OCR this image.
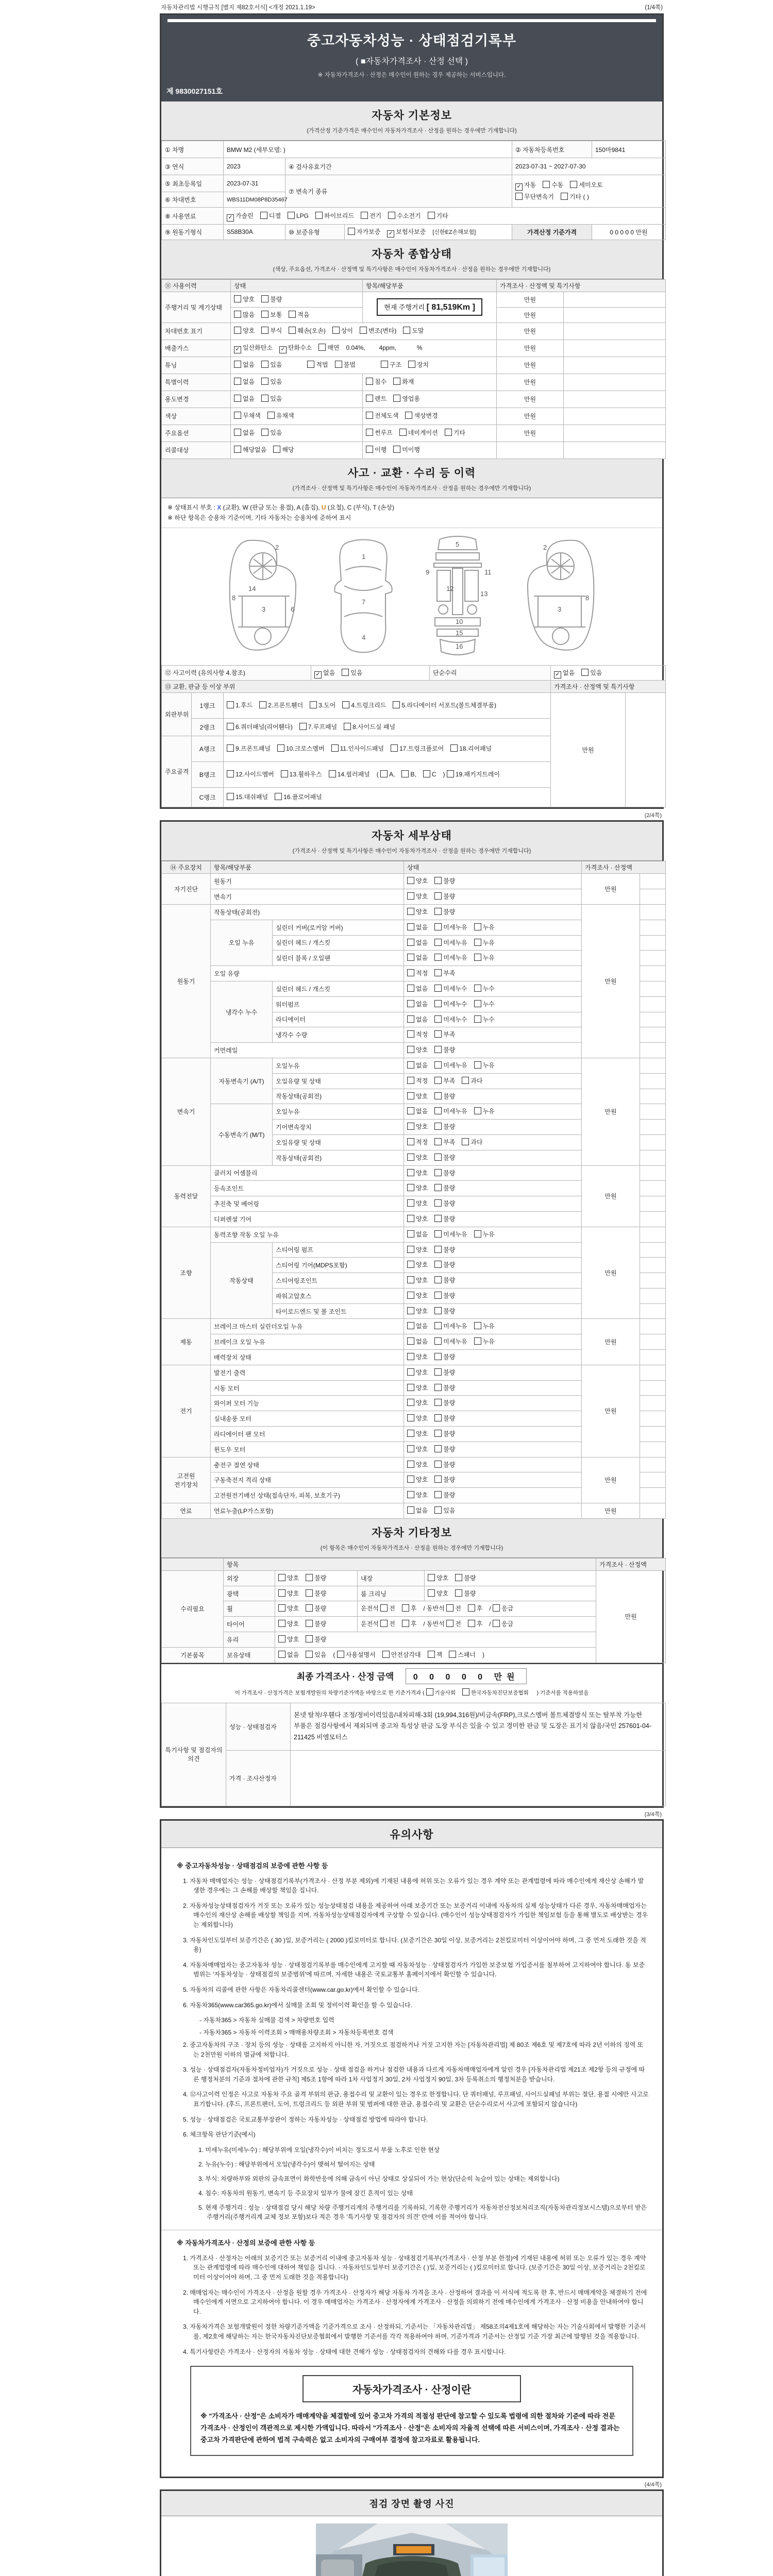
자동차관리법 시행규칙 [별지 제82호서식] <개정 2021.1.19>	(1/4쪽)
중고자동차성능 · 상태점검기록부
( ■자동차가격조사 · 산정 선택 )
※ 자동차가격조사 · 산정은 매수인이 원하는 경우 제공하는 서비스입니다.
제 9830027151호
자동차 기본정보
(가격산정 기준가격은 매수인이 자동차가격조사 · 산정을 원하는 경우에만 기재합니다)
① 차명	BMW M2 (세부모델: )			② 자동차등록번호	150마9841
③ 연식	2023	④ 검사유효기간		2023-07-31 ~ 2027-07-30	
⑤ 최초등록일	2023-07-31	⑦ 변속기 종류	
✓자동 수동 세미오토
무단변속기 기타 ( )

⑥ 차대번호	WBS11DM08P8D35467				
⑧ 사용연료	✓가솔린 디젤 LPG 하이브리드 전기 수소전기 기타
⑨ 원동기형식	S58B30A	⑩ 보증유형	자가보증 ✓ 보험사보증 [신한EZ손해보험]	가격산정 기준가격	0 0 0 0 0 만원
자동차 종합상태
(색상, 주요옵션, 가격조사 · 산정액 및 특기사항은 매수인이 자동차가격조사 · 산정을 원하는 경우에만 기재합니다)
⑪ 사용이력	상태	항목/해당부품	가격조사 · 산정액 및 특기사항	
주행거리 및 계기상태	양호 불량	현재 주행거리 [ 81,519Km ]	만원	
	많음 보통 적음		만원	
차대번호 표기	양호 부식 훼손(오손) 상이 변조(변타) 도말		만원	
배출가스	✓일산화탄소 ✓ 탄화수소 매연 0.04%,        4ppm,            %		만원	
튜닝	없음 있음 적법 불법 구조 장치		만원	
특별이력	없음 있음	침수 화재	만원	
용도변경	없음 있음	렌트 영업용	만원	
색상	무채색 유채색	전체도색 색상변경	만원	
주요옵션	없음 있음	썬루프 네비게이션 기타	만원	
리콜대상	해당없음 해당	이행 미이행		
사고 · 교환 · 수리 등 이력
(가격조사 · 산정액 및 특기사항은 매수인이 자동차가격조사 · 산정을 원하는 경우에만 기재합니다)
※ 상태표시 부호 : X (교환), W (판금 또는 용접), A (흠집), U (요철), C (부식), T (손상)
※ 하단 항목은 승용차 기준이며, 기타 자동차는 승용차에 준하여 표시
2
8
3	6
14
1
7
4
5
9	11
12
13
10
15
16
2
3
8
⑫ 사고이력 (유의사항 4.참조)	✓없음	있음	단순수리	✓없음	있음
⑬ 교환, 판금 등 이상 부위			가격조사 · 산정액 및 특기사항	
외판부위	1랭크	1.후드 2.프론트휀더 3.도어 4.트렁크리드 5.라디에이터 서포트(볼트체결부품)	만원	
	2랭크	6.쿼더패널(리어휀다) 7.루프패널 8.사이드실 패널		
주요골격	A랭크	9.프론트패널 10.크로스멤버 11.인사이드패널 17.트렁크플로어 18.리어패널		
	B랭크	12.사이드멤버 13.휠하우스 14.필러패널 ( A, B, C ) 19.패키지트레이		
	C랭크	15.대쉬패널 16.플로어패널		
(2/4쪽)
자동차 세부상태
(가격조사 · 산정액 및 특기사항은 매수인이 자동차가격조사 · 산정을 원하는 경우에만 기재합니다)
⑭ 주요장치	항목/해당부품		상태	가격조사 · 산정액	
자기진단	원동기		양호 불량	만원	
	변속기		양호 불량		
원동기	작동상태(공회전)		양호 불량	만원	
	오일 누유	실린더 커버(로커암 커버)	없음 미세누유 누유		
		실린더 헤드 / 개스킷	없음 미세누유 누유		
		실린더 블록 / 오일팬	없음 미세누유 누유		
	오일 유량		적정 부족		
	냉각수 누수	실린더 헤드 / 개스킷	없음 미세누수 누수		
		워터펌프	없음 미세누수 누수		
		라디에이터	없음 미세누수 누수		
		냉각수 수량	적정 부족		
	커먼레일		양호 불량		
변속기	자동변속기 (A/T)	오일누유	없음 미세누유 누유	만원	
		오일유량 및 상태	적정 부족 과다		
		작동상태(공회전)	양호 불량		
	수동변속기 (M/T)	오일누유	없음 미세누유 누유		
		기어변속장치	양호 불량		
		오일유량 및 상태	적정 부족 과다		
		작동상태(공회전)	양호 불량		
동력전달	클러치 어셈블리		양호 불량	만원	
	등속조인트		양호 불량		
	추진축 및 베어링		양호 불량		
	디퍼렌셜 기어		양호 불량		
조향	동력조향 작동 오일 누유		없음 미세누유 누유	만원	
	작동상태	스티어링 펌프	양호 불량		
		스티어링 기어(MDPS포함)	양호 불량		
		스티어링조인트	양호 불량		
		파워고압호스	양호 불량		
		타이로드엔드 및 볼 조인트	양호 불량		
제동	브레이크 마스터 실린더오일 누유		없음 미세누유 누유	만원	
	브레이크 오일 누유		없음 미세누유 누유		
	배력장치 상태		양호 불량		
전기	발전기 출력		양호 불량	만원	
	시동 모터		양호 불량		
	와이퍼 모터 기능		양호 불량		
	실내송풍 모터		양호 불량		
	라디에이터 팬 모터		양호 불량		
	윈도우 모터		양호 불량		
고전원 전기장치	충전구 절연 상태		양호 불량	만원	
	구동축전지 격리 상태		양호 불량		
	고전원전기배선 상태(접속단자, 피복, 보호기구)		양호 불량		
연료	연료누출(LP가스포함)		없음 있음	만원	
자동차 기타정보
(이 항목은 매수인이 자동차가격조사 · 산정을 원하는 경우에만 기재합니다)
	항목				가격조사 · 산정액
수리필요	외장	양호 불량	내장	양호 불량	만원
	광택	양호 불량	룸 크리닝	양호 불량	
	휠	양호 불량	운전석 전 후 / 동반석 전 후 / 응급		
	타이어	양호 불량	운전석 전 후 / 동반석 전 후 / 응급		
	유리	양호 불량			
기본품목	보유상태	없음 있음 ( 사용설명서 안전삼각대 잭 스패너 )			
최종 가격조사 · 산정 금액 0 0 0 0 0 만원
이 가격조사 · 산정가격은 보험개발원의 차량기준가액을 바탕으로 한 기준가격과 ( 기술사회	한국자동차진단보증협회 ) 기준서를 적용하였음
특기사항 및 점검자의 의견	성능 · 상태점검자	본넷 탈착/우휀다 조정/정비이력있음/내차피해-3회 (19,994,316원)/비금속(FRP),크로스멤버 볼트체결방식 또는 탈부착 가능한 부품은 점검사항에서 제외되며 중고차 특성상 판금 도장 부식은 있을 수 있고 경미한 판금 및 도장은 표기치 않음/국민 257601-04-211425 비엠모터스
	가격 · 조사산정자	
(3/4쪽)
유의사항
※ 중고자동차성능 · 상태점검의 보증에 관한 사항 등
1. 자동차 매매업자는 성능 · 상태점검기록부(가격조사 · 산정 부분 제외)에 기재된 내용에 허위 또는 오류가 있는 경우 계약 또는 관계법령에 따라 매수인에게 재산상 손해가 발생한 경우에는 그 손해를 배상할 책임을 집니다.
2. 자동차성능상태점검자가 거짓 또는 오류가 있는 성능상태점검 내용을 제공하여 아래 보증기간 또는 보증거리 이내에 자동차의 실제 성능상태가 다른 경우, 자동차매매업자는 매수인의 재산상 손해를 배상할 책임을 지며, 자동차성능상태점검자에게 구상할 수 있습니다. (매수인이 성능상태점검자가 가입한 책임보험 등을 통해 별도로 배상받는 경우는 제외합니다)
3. 자동차인도일부터 보증기간은 ( 30 )일, 보증거리는 ( 2000 )킬로미터로 합니다. (보증기간은 30일 이상, 보증거리는 2천킬로미터 이상이어야 하며, 그 중 먼저 도래한 것을 적용)
4. 자동차매매업자는 중고자동차 성능 · 상태점검기록부를 매수인에게 고지할 때 자동차성능 · 상태점검자가 가입한 보증보험 가입증서를 첨부하여 고지하여야 합니다. 동 보증범위는 '자동차성능 · 상태점검의 보증범위'에 따르며, 자세한 내용은 국토교통부 홈페이지에서 확인할 수 있습니다.
5. 자동차의 리콜에 관한 사항은 자동차리콜센터(www.car.go.kr)에서 확인할 수 있습니다.
6. 자동차365(www.car365.go.kr)에서 실매물 조회 및 정비이력 확인을 할 수 있습니다.
- 자동차365 > 자동차 실매물 검색 > 차량번호 입력
- 자동차365 > 자동차 이력조회 > 매매용차량조회 > 자동차등록번호 검색
2. 중고자동차의 구조 · 장치 등의 성능 · 상태를 고지하지 아니한 자, 거짓으로 점검하거나 거짓 고지한 자는 [자동차관리법] 제 80조 제6호 및 제7호에 따라 2년 이하의 징역 또는 2천만원 이하의 벌금에 처합니다.
3. 성능 · 상태점검자(자동차정비업자)가 거짓으로 성능 · 상태 점검을 하거나 점검한 내용과 다르게 자동차매매업자에게 알린 경우 [자동차관리법 제21조 제2항 등의 규정에 따른 행정처분의 기준과 절차에 관한 규칙] 제5조 1항에 따라 1차 사업정지 30일, 2차 사업정지 90일, 3차 등록취소의 행정처분을 받습니다.
4. ⑫사고이력 인정은 사고로 자동차 주요 골격 부위의 판금, 용접수리 및 교환이 있는 경우로 한정합니다. 단 쿼터패널, 루프패널, 사이드실패널 부위는 절단, 용접 시에만 사고로 표기합니다. (후드, 프론트펜더, 도어, 트렁크리드 등 외판 부위 및 범퍼에 대한 판금, 용접수리 및 교환은 단순수리로서 사고에 포함되지 않습니다)
5. 성능 · 상태점검은 국토교통부장관이 정하는 자동차성능 · 상태점검 방법에 따라야 합니다.
6. 체크항목 판단기준(예시)
1. 미세누유(미세누수) : 해당부위에 오일(냉각수)이 비치는 정도로서 부품 노후로 인한 현상
2. 누유(누수) : 해당부위에서 오일(냉각수)이 맺혀서 떨어지는 상태
3. 부식: 차량하부와 외판의 금속표면이 화학반응에 의해 금속이 아닌 상태로 상실되어 가는 현상(단순히 녹슬어 있는 상태는 제외합니다)
4. 침수: 자동차의 원동기, 변속기 등 주요장치 일부가 물에 잠긴 흔적이 있는 상태
5. 현재 주행거리 : 성능 · 상태점검 당시 해당 차량 주행거리계의 주행거리를 기록하되, 기록한 주행거리가 자동차전산정보처리조직(자동차관리정보시스템)으로부터 받은 주행거리(주행거리계 교체 정보 포함)보다 적은 경우 '특기사항 및 점검자의 의견' 란에 이를 적어야 합니다.
※ 자동차가격조사 · 산정의 보증에 관한 사항 등
1. 가격조사 · 산정자는 아래의 보증기간 또는 보증거리 이내에 중고자동차 성능 · 상태점검기록부(가격조사 · 산정 부분 한정)에 기재된 내용에 허위 또는 오류가 있는 경우 계약 또는 관계법령에 따라 매수인에 대하여 책임을 집니다. · 자동차인도일부터 보증기간은 ( )일, 보증거리는 ( )킬로미터로 합니다. (보증기간은 30일 이상, 보증거리는 2천킬로미터 이상이어야 하며, 그 중 먼저 도래한 것을 적용합니다)
2. 매매업자는 매수인이 가격조사 · 산정을 원할 경우 가격조사 · 산정자가 해당 자동차 가격을 조사 · 산정하여 결과를 이 서식에 적도록 한 후, 반드시 매매계약을 체결하기 전에 매수인에게 서면으로 고지하여야 합니다. 이 경우 매매업자는 가격조사 · 산정자에게 가격조사 · 산정을 의뢰하기 전에 매수인에게 가격조사 · 산정 비용을 안내하여야 합니다.
3. 자동차가격은 보험개발원이 정한 차량기준가액을 기준가격으로 조사 · 산정하되, 기준서는 「자동차관리법」 제58조의4제1호에 해당하는 자는 기술사회에서 발행한 기준서를, 제2호에 해당하는 자는 한국자동차진단보증협회에서 발행한 기준서를 각각 적용하여야 하며, 기준가격과 기준서는 산정일 기준 가장 최근에 발행된 것을 적용합니다.
4. 특기사항란은 가격조사 · 산정자의 자동차 성능 · 상태에 대한 견해가 성능 · 상태점검자의 견해와 다를 경우 표시합니다.
자동차가격조사 · 산정이란
※ "가격조사 · 산정"은 소비자가 매매계약을 체결함에 있어 중고차 가격의 적절성 판단에 참고할 수 있도록 법령에 의한 절차와 기준에 따라 전문 가격조사 · 산정인이 객관적으로 제시한 가액입니다. 따라서 "가격조사 · 산정"은 소비자의 자율적 선택에 따른 서비스이며, 가격조사 · 산정 결과는 중고차 가격판단에 관하여 법적 구속력은 없고 소비자의 구매여부 결정에 참고자료로 활용됩니다.
(4/4쪽)
점검 장면 촬영 사진
